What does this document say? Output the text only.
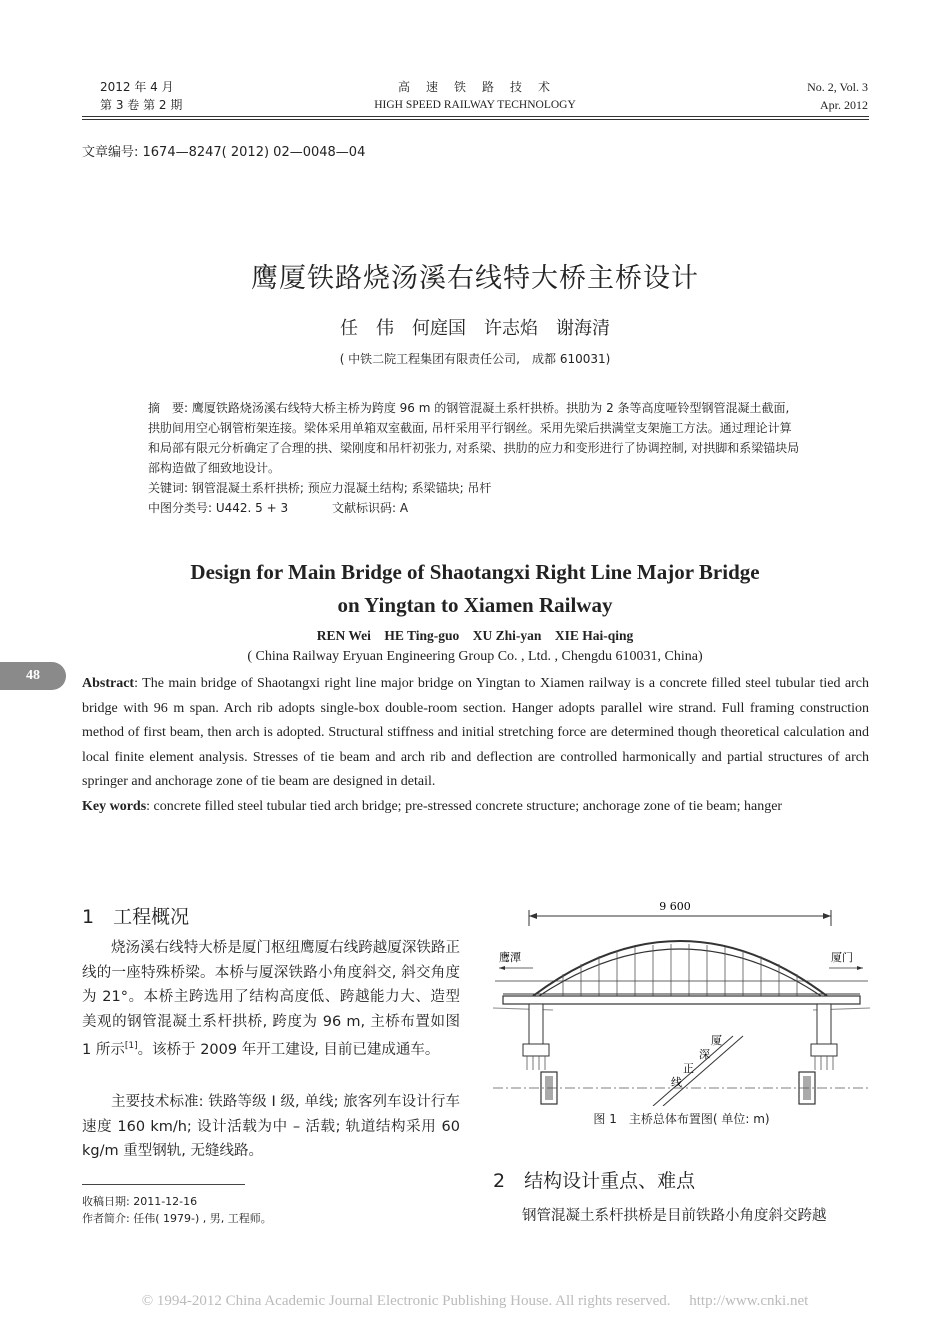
2012 年 4 月
第 3 卷 第 2 期
高　速　铁　路　技　术
HIGH SPEED RAILWAY TECHNOLOGY
No. 2, Vol. 3
Apr. 2012
文章编号: 1674—8247( 2012) 02—0048—04
鹰厦铁路烧汤溪右线特大桥主桥设计
任　伟　何庭国　许志焰　谢海清
( 中铁二院工程集团有限责任公司,　成都 610031)
摘　要: 鹰厦铁路烧汤溪右线特大桥主桥为跨度 96 m 的钢管混凝土系杆拱桥。拱肋为 2 条等高度哑铃型钢管混凝土截面, 拱肋间用空心钢管桁架连接。梁体采用单箱双室截面, 吊杆采用平行钢丝。采用先梁后拱满堂支架施工方法。通过理论计算和局部有限元分析确定了合理的拱、梁刚度和吊杆初张力, 对系梁、拱肋的应力和变形进行了协调控制, 对拱脚和系梁锚块局部构造做了细致地设计。
关键词: 钢管混凝土系杆拱桥; 预应力混凝土结构; 系梁锚块; 吊杆
中图分类号: U442. 5 + 3	文献标识码: A
Design for Main Bridge of Shaotangxi Right Line Major Bridge
on Yingtan to Xiamen Railway
REN Wei　HE Ting-guo　XU Zhi-yan　XIE Hai-qing
( China Railway Eryuan Engineering Group Co. , Ltd. , Chengdu 610031, China)
48
Abstract: The main bridge of Shaotangxi right line major bridge on Yingtan to Xiamen railway is a concrete filled steel tubular tied arch bridge with 96 m span. Arch rib adopts single-box double-room section. Hanger adopts parallel wire strand. Full framing construction method of first beam, then arch is adopted. Structural stiffness and initial stretching force are determined though theoretical calculation and local finite element analysis. Stresses of tie beam and arch rib and deflection are controlled harmonically and partial structures of arch springer and anchorage zone of tie beam are designed in detail.
Key words: concrete filled steel tubular tied arch bridge; pre-stressed concrete structure; anchorage zone of tie beam; hanger
1　工程概况
烧汤溪右线特大桥是厦门枢纽鹰厦右线跨越厦深铁路正线的一座特殊桥梁。本桥与厦深铁路小角度斜交, 斜交角度为 21°。本桥主跨选用了结构高度低、跨越能力大、造型美观的钢管混凝土系杆拱桥, 跨度为 96 m, 主桥布置如图 1 所示[1]。该桥于 2009 年开工建设, 目前已建成通车。
主要技术标准: 铁路等级 I 级, 单线; 旅客列车设计行车速度 160 km/h; 设计活载为中 – 活载; 轨道结构采用 60 kg/m 重型钢轨, 无缝线路。
收稿日期: 2011-12-16
作者简介: 任伟( 1979-) , 男, 工程师。
9 600
鹰潭	厦门
厦
深
正
线
图 1　主桥总体布置图( 单位: m)
2　结构设计重点、难点
钢管混凝土系杆拱桥是目前铁路小角度斜交跨越
© 1994-2012 China Academic Journal Electronic Publishing House. All rights reserved.　 http://www.cnki.net
